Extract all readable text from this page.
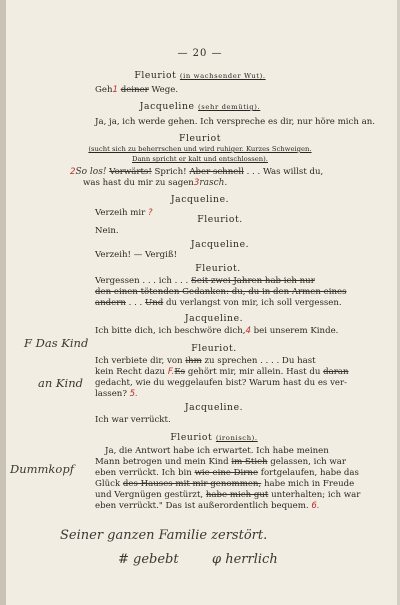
— 20 —
Fleuriot (in wachsender Wut).
Geh1 deiner Wege.
Jacqueline (sehr demütig).
Ja, ja, ich werde gehen. Ich verspreche es dir, nur höre mich an.
Fleuriot
(sucht sich zu beherrschen und wird ruhiger. Kurzes Schweigen.
Dann spricht er kalt und entschlossen).
2So los! Vorwärts! Sprich! Aber schnell . . . Was willst du,
was hast du mir zu sagen3rasch.
Jacqueline.
Verzeih mir ?
Fleuriot.
Nein.
Jacqueline.
Verzeih! — Vergiß!
Fleuriot.
Vergessen . . . ich . . . Seit zwei Jahren hab ich nur
den einen tötenden Gedanken: du, du in den Armen eines
andern . . . Und du verlangst von mir, ich soll vergessen.
Jacqueline.
Ich bitte dich, ich beschwöre dich,4 bei unserem Kinde.
Fleuriot.
F Das Kind
Ich verbiete dir, von ihm zu sprechen . . . . Du hast
kein Recht dazu F.Es gehört mir, mir allein. Hast du daran
an Kind gedacht, wie du weggelaufen bist? Warum hast du es ver-
lassen? 5.
Jacqueline.
Ich war verrückt.
Fleuriot (ironisch).
Ja, die Antwort habe ich erwartet. Ich habe meinen
Mann betrogen und mein Kind im Stich gelassen, ich war
Dummkopf eben verrückt. Ich bin wie eine Dirne fortgelaufen, habe das
Glück des Hauses mit mir genommen, habe mich in Freude
und Vergnügen gestürzt, habe mich gut unterhalten; ich war
eben verrückt." Das ist außerordentlich bequem. 6.
Seiner ganzen Familie zerstört.
# gebebt	φ herrlich
